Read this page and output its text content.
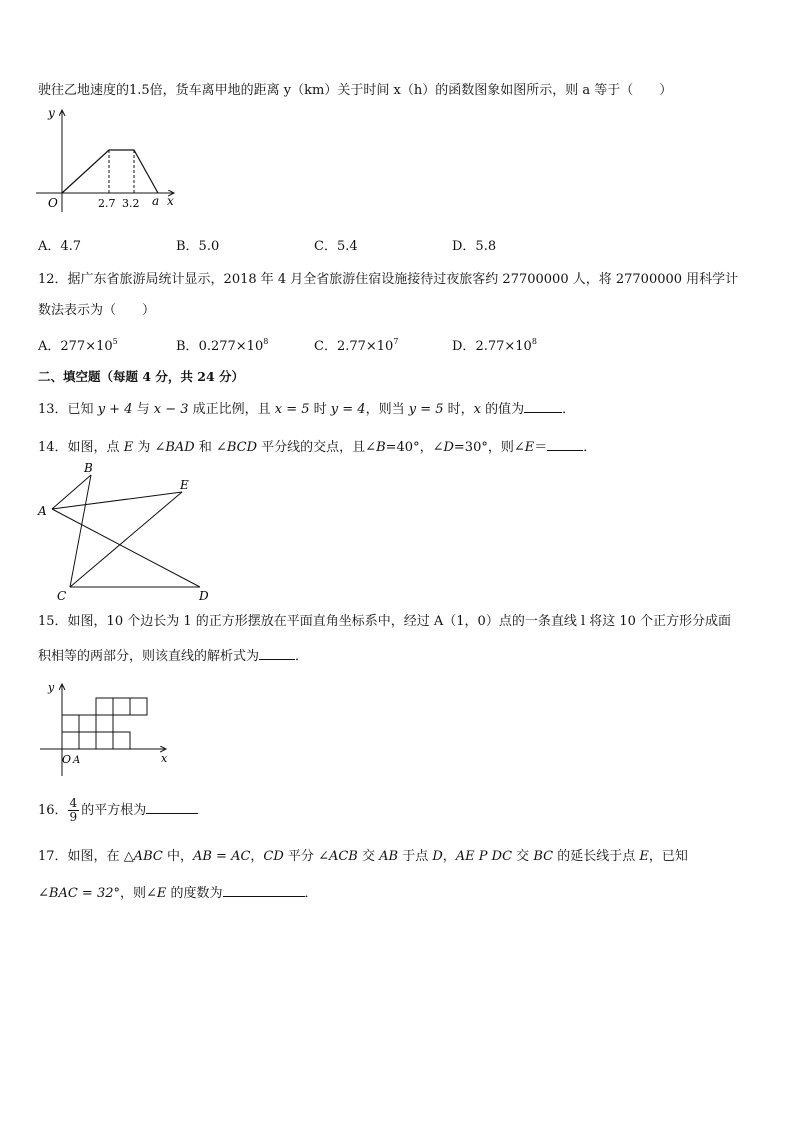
驶往乙地速度的1.5倍，货车离甲地的距离 y（km）关于时间 x（h）的函数图象如图所示，则 a 等于（　　）
y
O	2.7 3.2 a x
A．4.7	B．5.0	C．5.4	D．5.8
12．据广东省旅游局统计显示，2018 年 4 月全省旅游住宿设施接待过夜旅客约 27700000 人，将 27700000 用科学计
数法表示为（　　）
A．$277\times 10^5$	B．$0.277\times 10^8$	C．$2.77\times 10^7$	D．$2.77\times 10^8$
二、填空题（每题 4 分，共 24 分）
13．已知 y + 4 与 x − 3 成正比例，且 x = 5 时 y = 4，则当 y = 5 时，x 的值为	．
14．如图，点 E 为 ∠BAD 和 ∠BCD 平分线的交点，且∠B=40°，∠D=30°，则∠E＝	．
A
B
E
C	D
15．如图，10 个边长为 1 的正方形摆放在平面直角坐标系中，经过 A（1，0）点的一条直线 l 将这 10 个正方形分成面
积相等的两部分，则该直线的解析式为	．
y
O A	x
16． $\frac{4}{9}$ 的平方根为
17．如图，在 △ABC 中，AB = AC，CD 平分 ∠ACB 交 AB 于点 D，AE P DC 交 BC 的延长线于点 E，已知
∠BAC = 32°，则∠E 的度数为	．
